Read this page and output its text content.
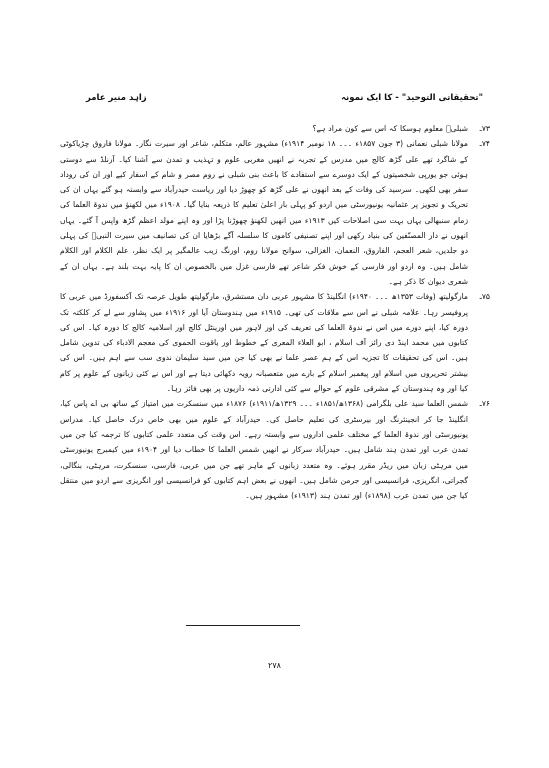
"تحقیقاتی التوحید" ‑ کا ایک نمونہ
زاہد منیر عامر
۷۳ـ
شبلیؒ معلوم ہوسکا کہ اس سے کون مراد ہے؟
۷۴ـ
مولانا شبلی نعمانی (۳ جون ۱۸۵۷ء ۔۔۔ ۱۸ نومبر ۱۹۱۴ء) مشہور عالم، متکلم، شاعر اور سیرت نگار۔ مولانا فاروق چڑیاکوٹی کے شاگرد تھے علی گڑھ کالج میں مدرس کے تجربہ نے انھیں مغربی علوم و تہذیب و تمدن سے آشنا کیا۔ آرنلڈ سے دوستی ہوئی جو یورپی شخصیتوں کے ایک دوسرے سے استفادے کا باعث بنی شبلی نے روم مصر و شام کے اسفار کیے اور ان کی روداد سفر بھی لکھی۔ سرسید کی وفات کے بعد انھوں نے علی گڑھ کو چھوڑ دیا اور ریاست حیدرآباد سے وابستہ ہو گئے یہاں ان کی تحریک و تجویز پر عثمانیہ یونیورسٹی میں اردو کو پہلی بار اعلیٰ تعلیم کا ذریعہ بنایا گیا۔ ۱۹۰۸ء میں لکھنؤ میں ندوۃ العلما کی زمام سنبھالی یہاں بہت سی اصلاحات کیں ۱۹۱۳ء میں انھیں لکھنؤ چھوڑنا پڑا اور وہ اپنے مولد اعظم گڑھ واپس آ گئے۔ یہاں انھوں نے دار المصنّفین کی بنیاد رکھی اور اپنے تصنیفی کاموں کا سلسلہ آگے بڑھایا ان کی تصانیف میں سیرت النبیؐ کی پہلی دو جلدیں، شعر العجم، الفاروق، النعمان، الغزالی، سوانح مولانا روم، اورنگ زیب عالمگیر پر ایک نظر، علم الکلام اور الکلام شامل ہیں۔ وہ اردو اور فارسی کے خوش فکر شاعر تھے فارسی غزل میں بالخصوص ان کا پایہ بہت بلند ہے۔ یہاں ان کے شعری دیوان کا ذکر ہے۔
۷۵ـ
مارگولیتھ (وفات ۱۳۵۳ھ ۔۔۔ ۱۹۴۰ء) انگلینڈ کا مشہور عربی دان مستشرق، مارگولیتھ طویل عرصہ تک آکسفورڈ میں عربی کا پروفیسر رہا۔ علامہ شبلی نے اس سے ملاقات کی تھی۔ ۱۹۱۵ء میں ہندوستان آیا اور ۱۹۱۶ء میں پشاور سے لے کر کلکتہ تک دورہ کیا، اپنے دورے میں اس نے ندوۃ العلما کی تعریف کی اور لاہور میں اورینٹل کالج اور اسلامیہ کالج کا دورہ کیا۔ اس کی کتابوں میں محمد اینڈ دی رائز آف اسلام ، ابو العلاء المعری کے خطوط اور یاقوت الحموی کی معجم الادباء کی تدوین شامل ہیں۔ اس کی تحقیقات کا تجزیہ اس کے ہم عصر علما نے بھی کیا جن میں سید سلیمان ندوی سب سے اہم ہیں۔ اس کی بیشتر تحریروں میں اسلام اور پیغمبر اسلام کے بارے میں متعصبانہ رویہ دکھائی دیتا ہے اور اس نے کئی زبانوں کے علوم پر کام کیا اور وہ ہندوستان کے مشرقی علوم کے حوالے سے کئی ادارتی ذمہ داریوں پر بھی فائز رہا۔
۷۶ـ
شمس العلما سید علی بلگرامی (۱۳۶۸ھ/۱۸۵۱ء ۔۔۔ ۱۳۲۹ھ/۱۹۱۱ء) ۱۸۷۶ء میں سنسکرت میں امتیاز کے ساتھ بی اے پاس کیا، انگلینڈ جا کر انجینئرنگ اور بیرسٹری کی تعلیم حاصل کی۔ حیدرآباد کے علوم میں بھی خاص درک حاصل کیا۔ مدراس یونیورسٹی اور ندوۃ العلما کے مختلف علمی اداروں سے وابستہ رہے۔ اس وقت کی متعدد علمی کتابوں کا ترجمہ کیا جن میں تمدن عرب اور تمدن ہند شامل ہیں۔ حیدرآباد سرکار نے انھیں شمس العلما کا خطاب دیا اور ۱۹۰۴ء میں کیمبرج یونیورسٹی میں مرہٹی زبان میں ریڈر مقرر ہوئے۔ وہ متعدد زبانوں کے ماہر تھے جن میں عربی، فارسی، سنسکرت، مرہٹی، بنگالی، گجراتی، انگریزی، فرانسیسی اور جرمن شامل ہیں۔ انھوں نے بعض اہم کتابوں کو فرانسیسی اور انگریزی سے اردو میں منتقل کیا جن میں تمدن عرب (۱۸۹۸ء) اور تمدن ہند (۱۹۱۳ء) مشہور ہیں۔
۲۷۸
